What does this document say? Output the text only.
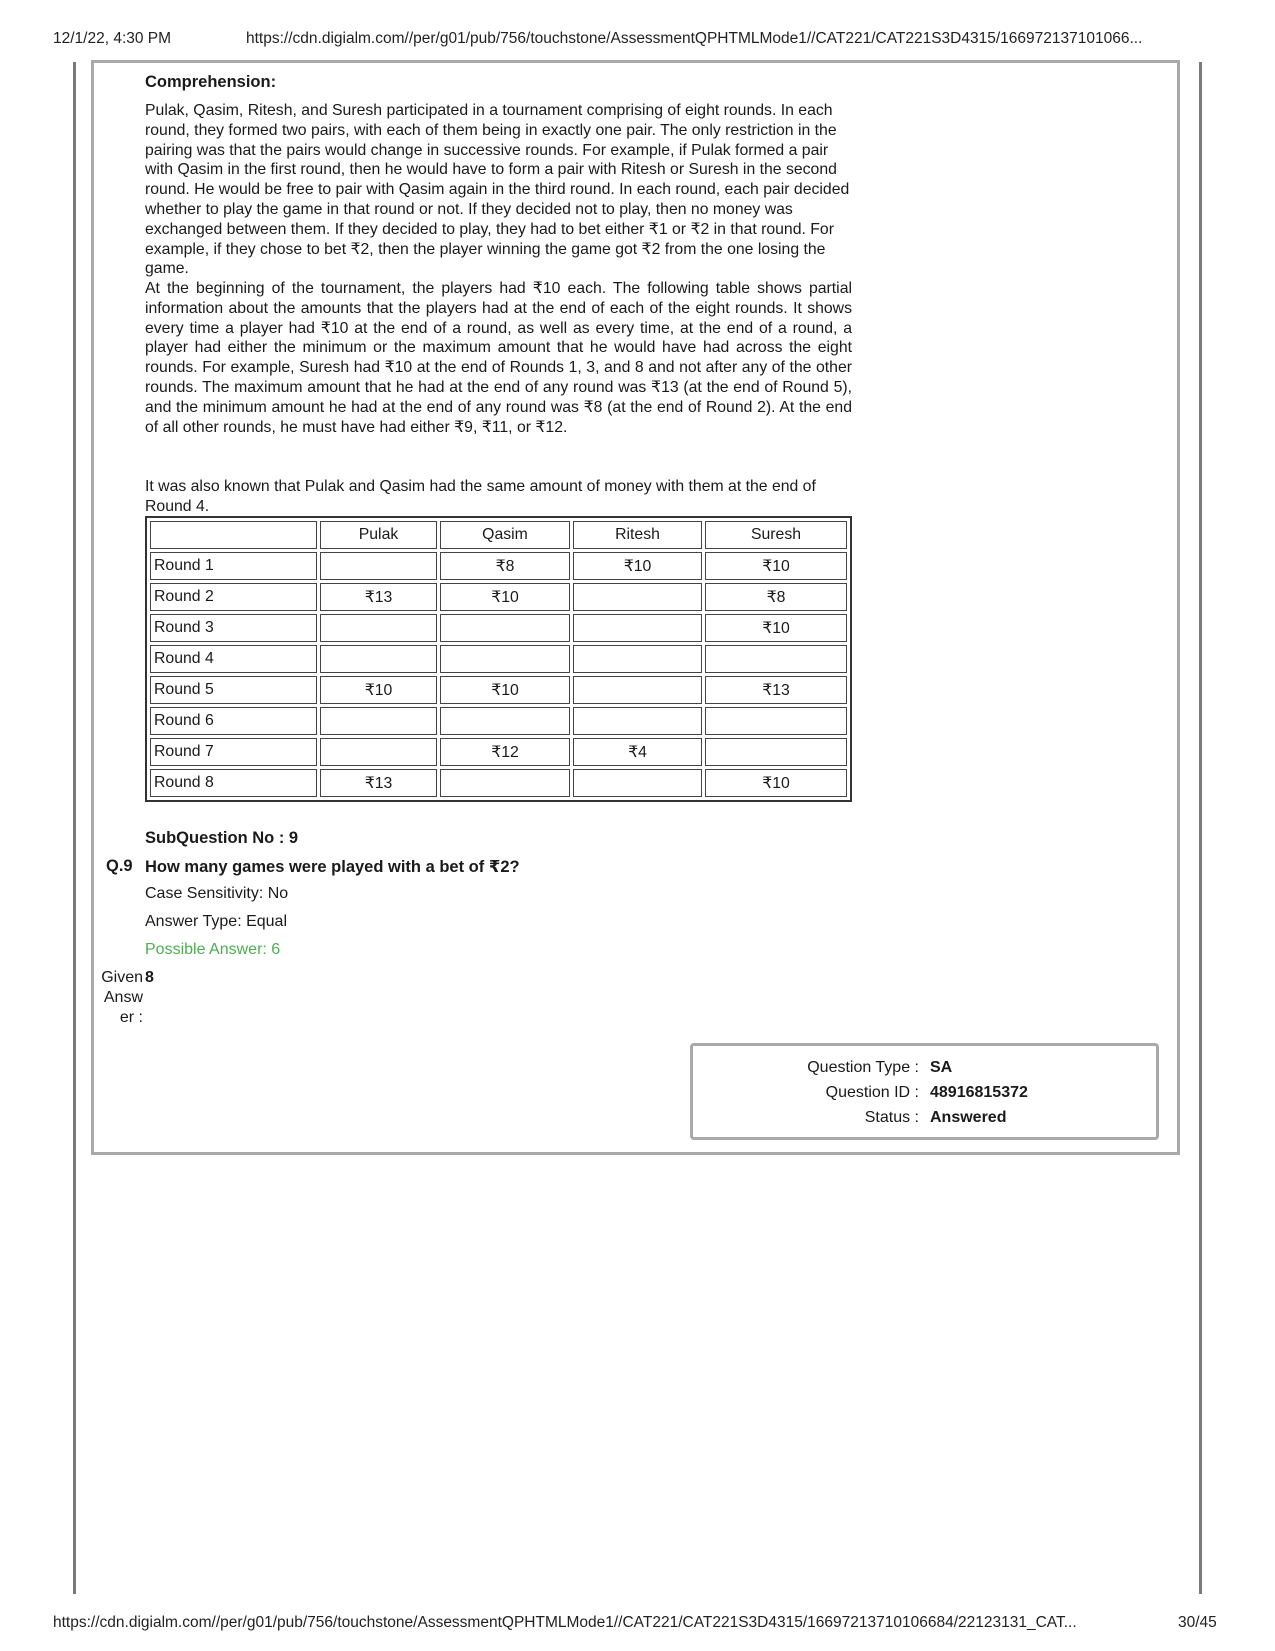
12/1/22, 4:30 PM	https://cdn.digialm.com//per/g01/pub/756/touchstone/AssessmentQPHTMLMode1//CAT221/CAT221S3D4315/166972137101066...
Comprehension:

Pulak, Qasim, Ritesh, and Suresh participated in a tournament comprising of eight rounds. In each round, they formed two pairs, with each of them being in exactly one pair. The only restriction in the pairing was that the pairs would change in successive rounds. For example, if Pulak formed a pair with Qasim in the first round, then he would have to form a pair with Ritesh or Suresh in the second round. He would be free to pair with Qasim again in the third round. In each round, each pair decided whether to play the game in that round or not. If they decided not to play, then no money was exchanged between them. If they decided to play, they had to bet either ₹1 or ₹2 in that round. For example, if they chose to bet ₹2, then the player winning the game got ₹2 from the one losing the game.

At the beginning of the tournament, the players had ₹10 each. The following table shows partial information about the amounts that the players had at the end of each of the eight rounds. It shows every time a player had ₹10 at the end of a round, as well as every time, at the end of a round, a player had either the minimum or the maximum amount that he would have had across the eight rounds. For example, Suresh had ₹10 at the end of Rounds 1, 3, and 8 and not after any of the other rounds. The maximum amount that he had at the end of any round was ₹13 (at the end of Round 5), and the minimum amount he had at the end of any round was ₹8 (at the end of Round 2). At the end of all other rounds, he must have had either ₹9, ₹11, or ₹12.

It was also known that Pulak and Qasim had the same amount of money with them at the end of Round 4.

	Pulak	Qasim	Ritesh	Suresh
Round 1		₹8	₹10	₹10
Round 2	₹13	₹10		₹8
Round 3				₹10
Round 4				
Round 5	₹10	₹10		₹13
Round 6				
Round 7		₹12	₹4	
Round 8	₹13			₹10
SubQuestion No : 9
Q.9 How many games were played with a bet of ₹2?
Case Sensitivity: No
Answer Type: Equal
Possible Answer: 6
Given Answ er :
8
Question Type : SA
Question ID : 48916815372
Status : Answered
https://cdn.digialm.com//per/g01/pub/756/touchstone/AssessmentQPHTMLMode1//CAT221/CAT221S3D4315/16697213710106684/22123131_CAT...	30/45
